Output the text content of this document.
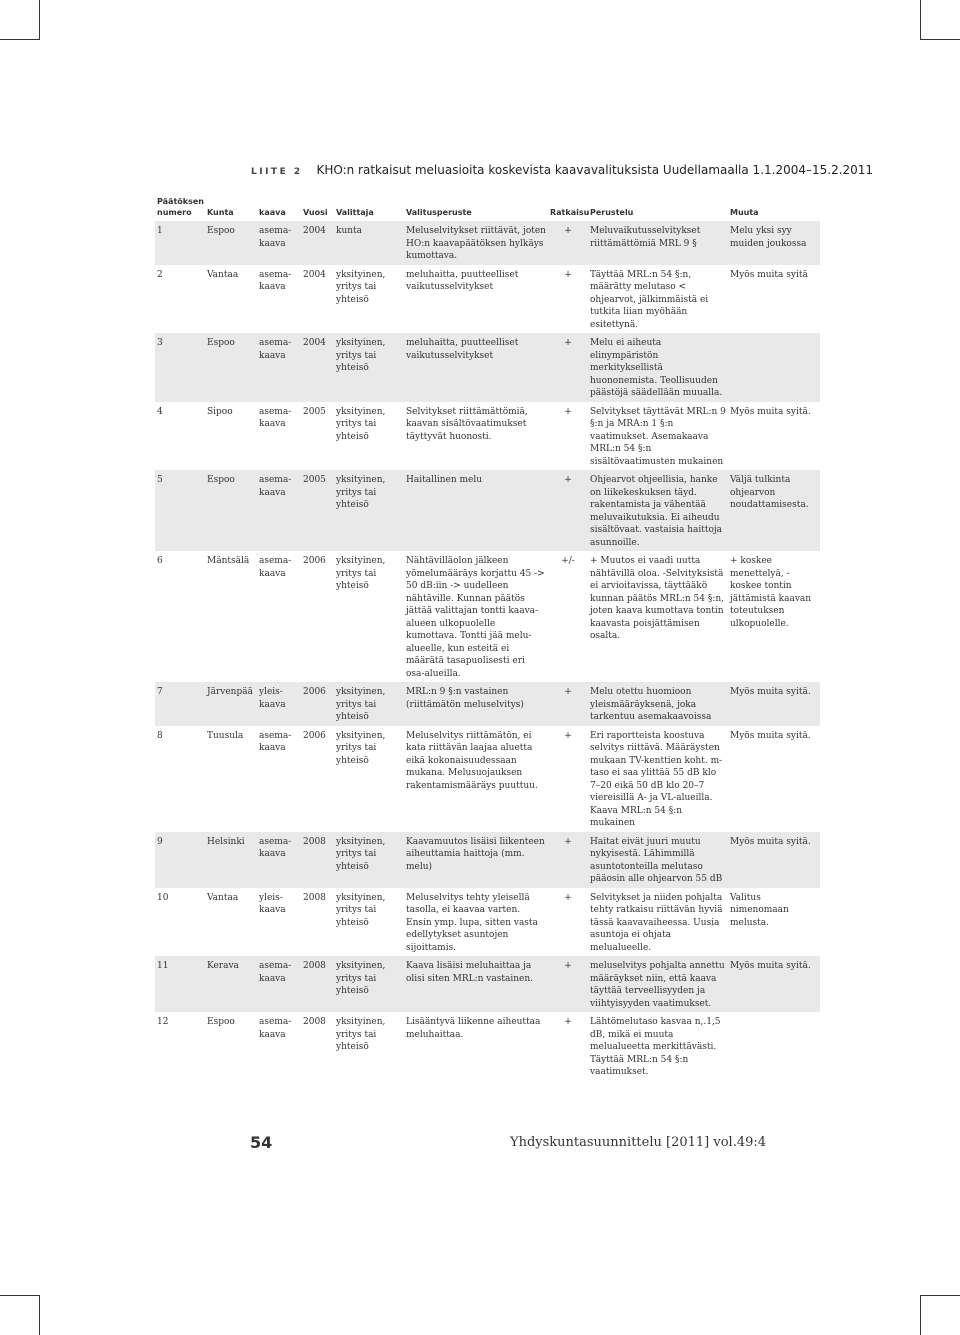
LIITE 2 KHO:n ratkaisut meluasioita koskevista kaavavalituksista Uudellamaalla 1.1.2004–15.2.2011
Päätöksen numero	Kunta	kaava	Vuosi	Valittaja	Valitusperuste	Ratkaisu	Perustelu	Muuta
1	Espoo	asema-kaava	2004	kunta	Meluselvitykset riittävät, joten HO:n kaavapäätöksen hylkäys kumottava.	+	Meluvaikutusselvitykset riittämättömiä MRL 9 §	Melu yksi syy muiden joukossa
2	Vantaa	asema-kaava	2004	yksityinen, yritys tai yhteisö	meluhaitta, puutteelliset vaikutusselvitykset	+	Täyttää MRL:n 54 §:n, määrätty melutaso < ohjearvot, jälkimmäistä ei tutkita liian myöhään esitettynä.	Myös muita syitä
3	Espoo	asema-kaava	2004	yksityinen, yritys tai yhteisö	meluhaitta, puutteelliset vaikutusselvitykset	+	Melu ei aiheuta elinympäristön merkityksellistä huononemista. Teollisuuden päästöjä säädellään muualla.	
4	Sipoo	asema-kaava	2005	yksityinen, yritys tai yhteisö	Selvitykset riittämättömiä, kaavan sisältövaatimukset täyttyvät huonosti.	+	Selvitykset täyttävät MRL:n 9 §:n ja MRA:n 1 §:n vaatimukset. Asemakaava MRL:n 54 §:n sisältövaatimusten mukainen	Myös muita syitä.
5	Espoo	asema-kaava	2005	yksityinen, yritys tai yhteisö	Haitallinen melu	+	Ohjearvot ohjeellisia, hanke on liikekeskuksen täyd. rakentamista ja vähentää meluvaikutuksia. Ei aiheudu sisältövaat. vastaisia haittoja asunnoille.	Väljä tulkinta ohjearvon noudattamisesta.
6	Mäntsälä	asema-kaava	2006	yksityinen, yritys tai yhteisö	Nähtävilläolon jälkeen yömelumääräys korjattu 45 -> 50 dB:iin -> uudelleen nähtäville. Kunnan päätös jättää valittajan tontti kaava-alueen ulkopuolelle kumottava. Tontti jää melu-alueelle, kun esteitä ei määrätä tasapuolisesti eri osa-alueilla.	+/-	+ Muutos ei vaadi uutta nähtävillä oloa. -Selvityksistä ei arvioitavissa, täyttääkö kunnan päätös MRL:n 54 §:n, joten kaava kumottava tontin kaavasta poisjättämisen osalta.	+ koskee menettelyä, - koskee tontin jättämistä kaavan toteutuksen ulkopuolelle.
7	Järvenpää	yleis-kaava	2006	yksityinen, yritys tai yhteisö	MRL:n 9 §:n vastainen (riittämätön meluselvitys)	+	Melu otettu huomioon yleismääräyksenä, joka tarkentuu asemakaavoissa	Myös muita syitä.
8	Tuusula	asema-kaava	2006	yksityinen, yritys tai yhteisö	Meluselvitys riittämätön, ei kata riittävän laajaa aluetta eikä kokonaisuudessaan mukana. Melusuojauksen rakentamismääräys puuttuu.	+	Eri raportteista koostuva selvitys riittävä. Määräysten mukaan TV-kenttien koht. m-taso ei saa ylittää 55 dB klo 7–20 eikä 50 dB klo 20–7 viereisillä A- ja VL-alueilla. Kaava MRL:n 54 §:n mukainen	Myös muita syitä.
9	Helsinki	asema-kaava	2008	yksityinen, yritys tai yhteisö	Kaavamuutos lisäisi liikenteen aiheuttamia haittoja (mm. melu)	+	Haitat eivät juuri muutu nykyisestä. Lähimmillä asuntotonteilla melutaso pääosin alle ohjearvon 55 dB	Myös muita syitä.
10	Vantaa	yleis-kaava	2008	yksityinen, yritys tai yhteisö	Meluselvitys tehty yleisellä tasolla, ei kaavaa varten. Ensin ymp. lupa, sitten vasta edellytykset asuntojen sijoittamis.	+	Selvitykset ja niiden pohjalta tehty ratkaisu riittävän hyviä tässä kaavavaiheessa. Uusia asuntoja ei ohjata melualueelle.	Valitus nimenomaan melusta.
11	Kerava	asema-kaava	2008	yksityinen, yritys tai yhteisö	Kaava lisäisi meluhaittaa ja olisi siten MRL:n vastainen.	+	meluselvitys pohjalta annettu määräykset niin, että kaava täyttää terveellisyyden ja viihtyisyyden vaatimukset.	Myös muita syitä.
12	Espoo	asema-kaava	2008	yksityinen, yritys tai yhteisö	Lisääntyvä liikenne aiheuttaa meluhaittaa.	+	Lähtömelutaso kasvaa n,.1,5 dB, mikä ei muuta melualueetta merkittävästi. Täyttää MRL:n 54 §:n vaatimukset.	
54	Yhdyskuntasuunnittelu [2011] vol.49:4
